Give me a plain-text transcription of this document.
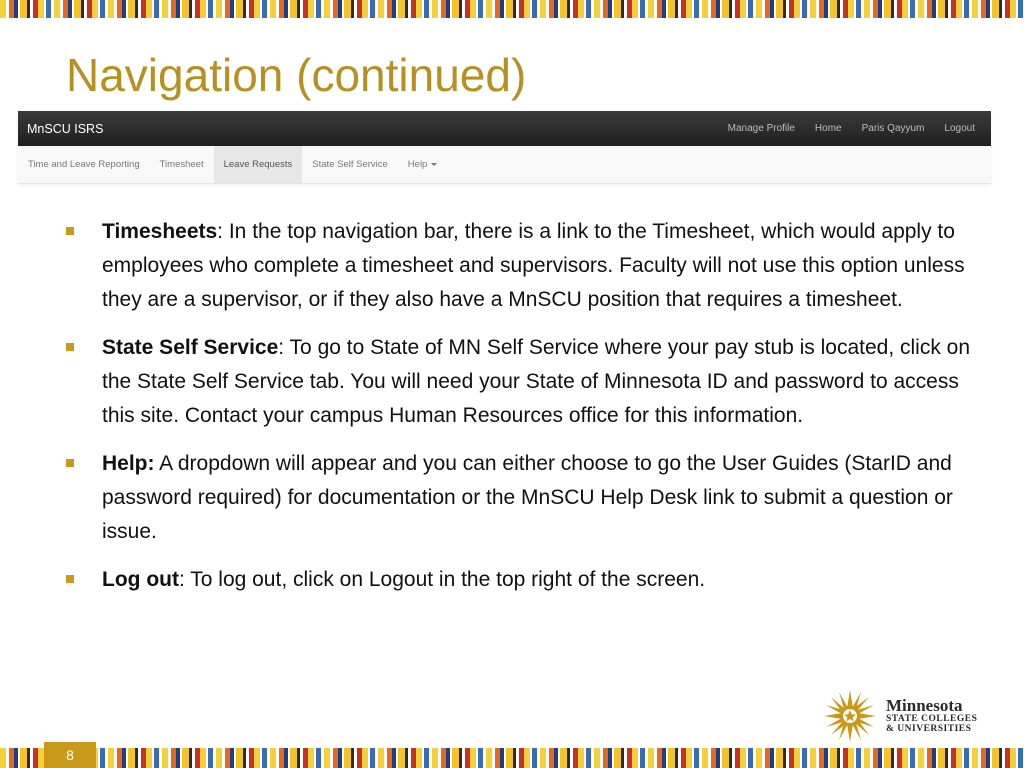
Navigation (continued)
MnSCU ISRS	Manage Profile	Home	Paris Qayyum	Logout
Time and Leave Reporting Timesheet Leave Requests State Self Service Help
Timesheets: In the top navigation bar, there is a link to the Timesheet, which would apply to employees who complete a timesheet and supervisors. Faculty will not use this option unless they are a supervisor, or if they also have a MnSCU position that requires a timesheet.
State Self Service: To go to State of MN Self Service where your pay stub is located, click on the State Self Service tab. You will need your State of Minnesota ID and password to access this site. Contact your campus Human Resources office for this information.
Help: A dropdown will appear and you can either choose to go the User Guides (StarID and password required) for documentation or the MnSCU Help Desk link to submit a question or issue.
Log out: To log out, click on Logout in the top right of the screen.
Minnesota
STATE COLLEGES
& UNIVERSITIES
8
